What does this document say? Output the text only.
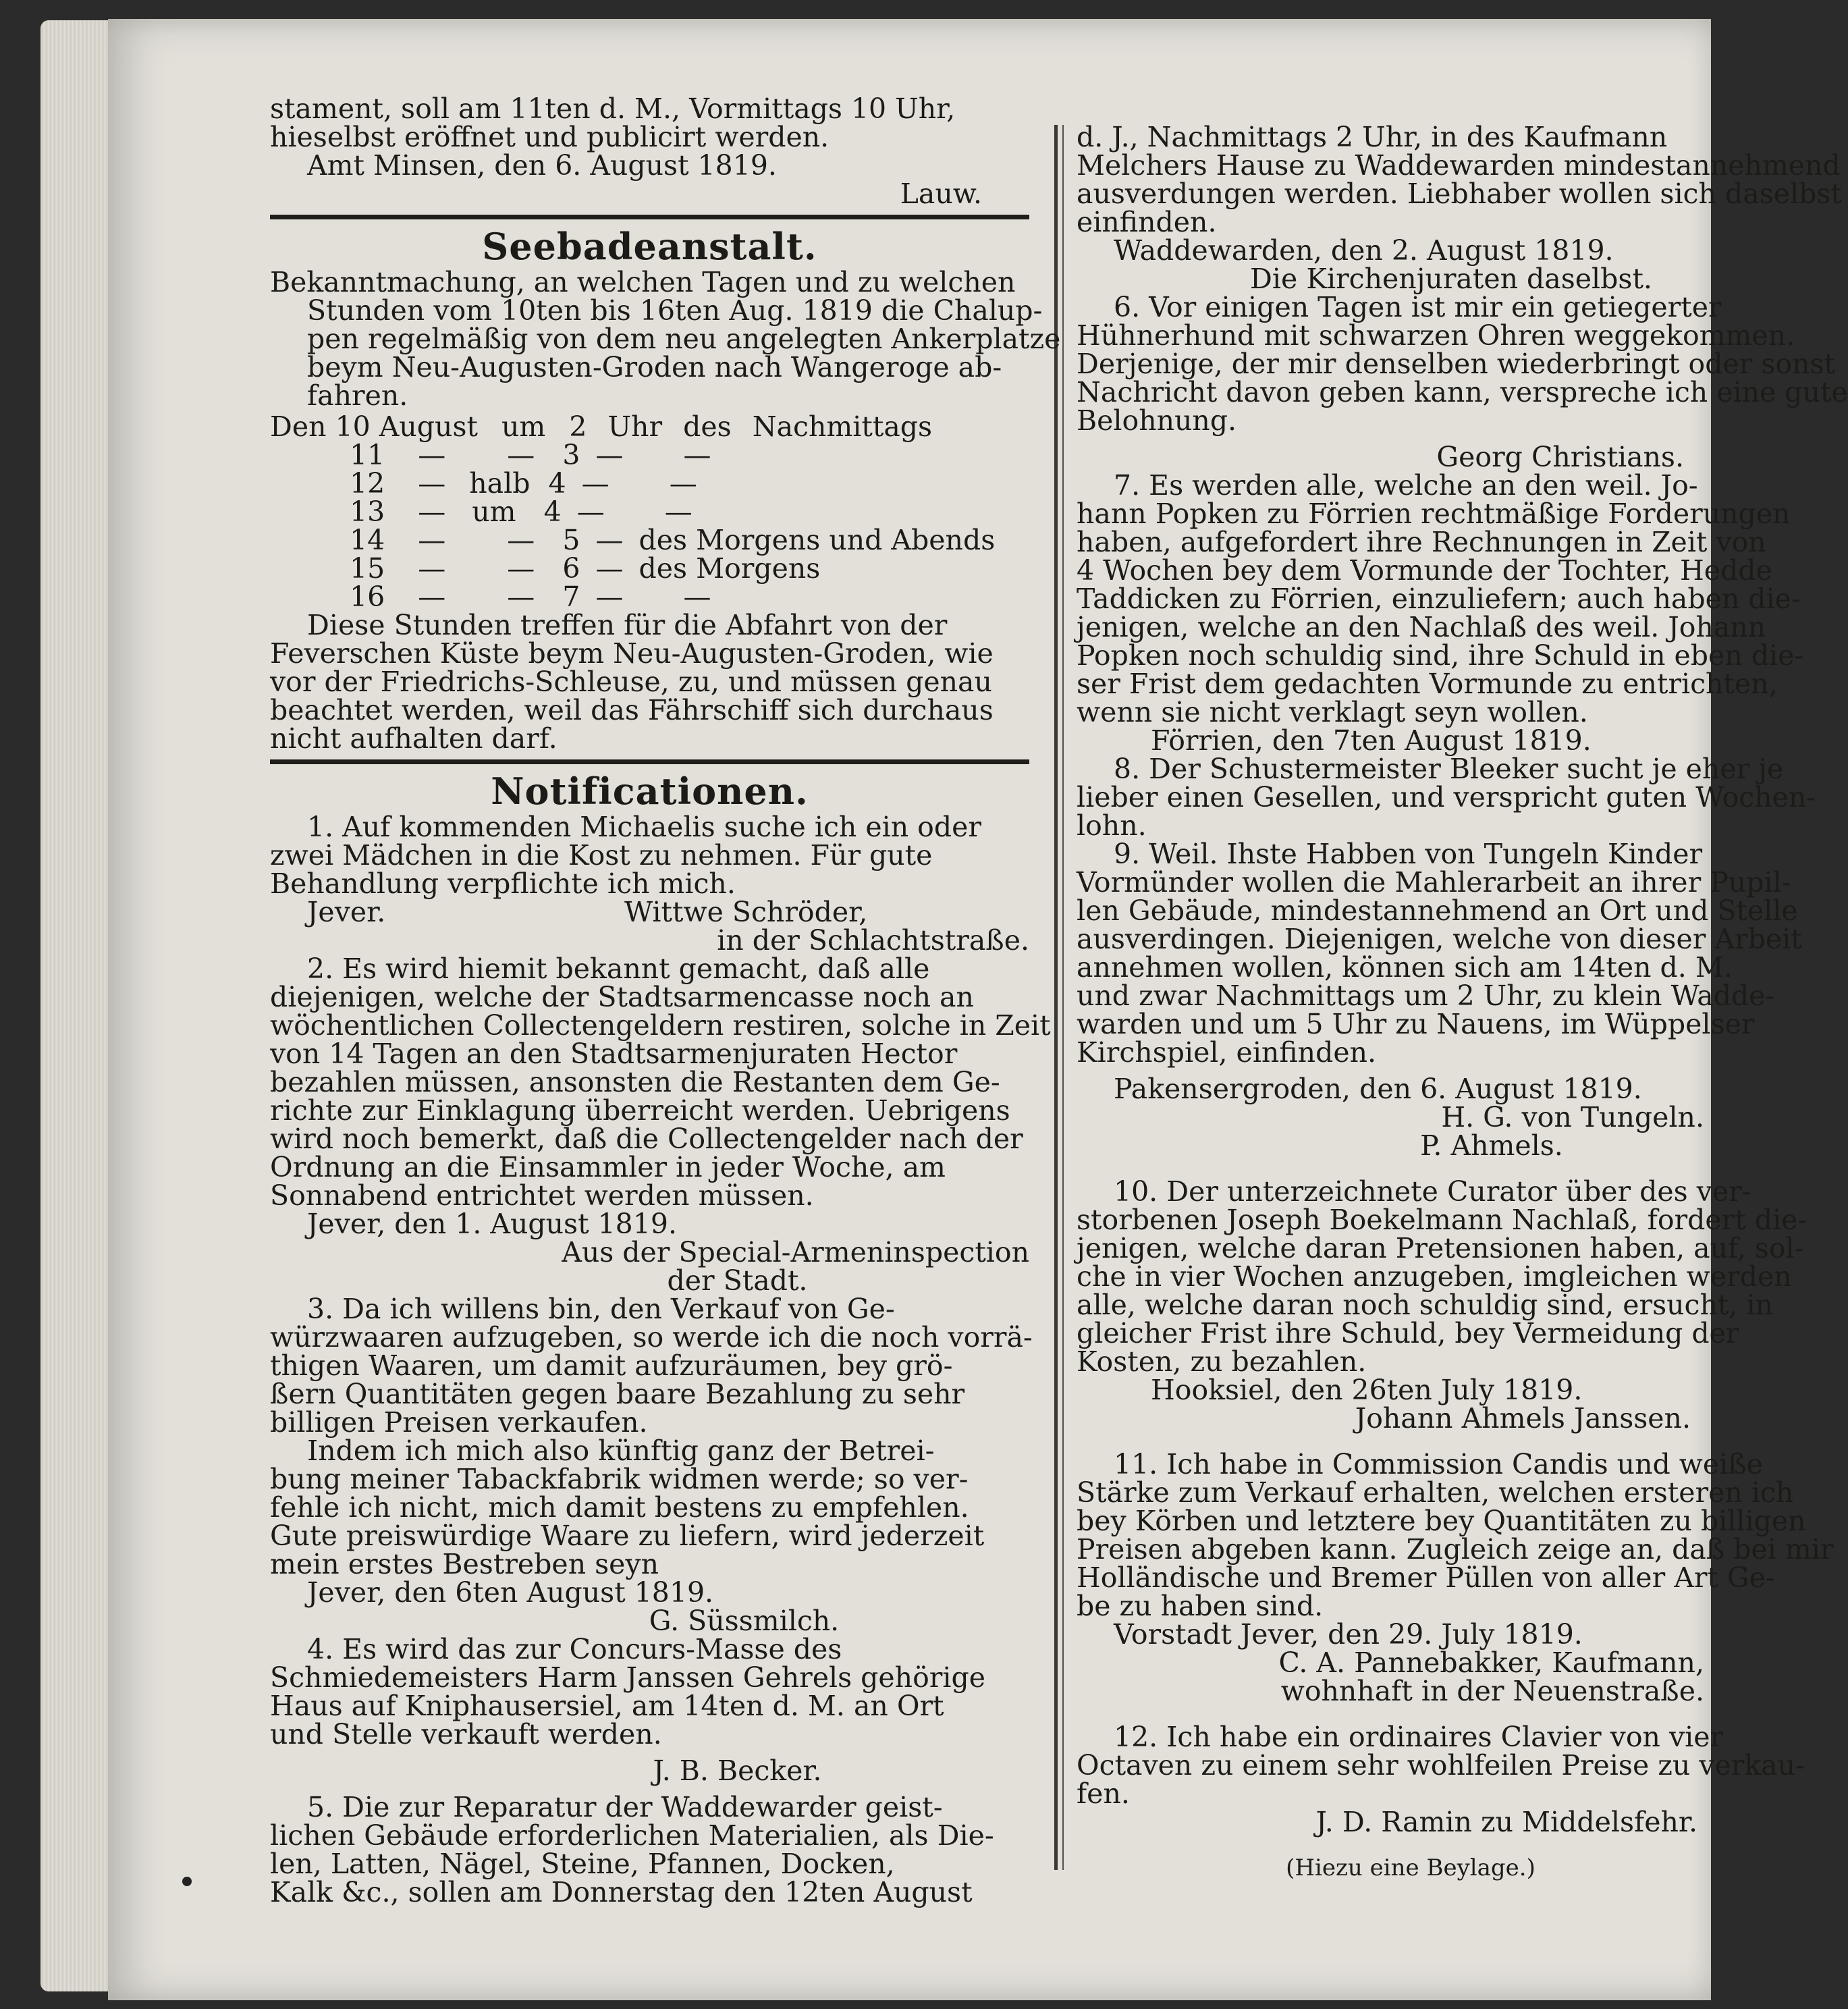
stament, soll am 11ten d. M., Vormittags 10 Uhr,

hieselbst eröffnet und publicirt werden.

Amt Minsen, den 6. August 1819.

Lauw.

Seebadeanstalt.

Bekanntmachung, an welchen Tagen und zu welchen

Stunden vom 10ten bis 16ten Aug. 1819 die Chalup-

pen regelmäßig von dem neu angelegten Ankerplatze

beym Neu-Augusten-Groden nach Wangeroge ab-

fahren.

Den 10 August um 2 Uhr des Nachmittags

11 — — 3 — —

12 — halb 4 — —

13 — um 4 — —

14 — — 5 — des Morgens und Abends

15 — — 6 — des Morgens

16 — — 7 — —

Diese Stunden treffen für die Abfahrt von der

Feverschen Küste beym Neu-Augusten-Groden, wie

vor der Friedrichs-Schleuse, zu, und müssen genau

beachtet werden, weil das Fährschiff sich durchaus

nicht aufhalten darf.

Notificationen.

1. Auf kommenden Michaelis suche ich ein oder

zwei Mädchen in die Kost zu nehmen. Für gute

Behandlung verpflichte ich mich.

Jever.	Wittwe Schröder,

in der Schlachtstraße.

2. Es wird hiemit bekannt gemacht, daß alle

diejenigen, welche der Stadtsarmencasse noch an

wöchentlichen Collectengeldern restiren, solche in Zeit

von 14 Tagen an den Stadtsarmenjuraten Hector

bezahlen müssen, ansonsten die Restanten dem Ge-

richte zur Einklagung überreicht werden. Uebrigens

wird noch bemerkt, daß die Collectengelder nach der

Ordnung an die Einsammler in jeder Woche, am

Sonnabend entrichtet werden müssen.

Jever, den 1. August 1819.

Aus der Special-Armeninspection

der Stadt.

3. Da ich willens bin, den Verkauf von Ge-

würzwaaren aufzugeben, so werde ich die noch vorrä-

thigen Waaren, um damit aufzuräumen, bey grö-

ßern Quantitäten gegen baare Bezahlung zu sehr

billigen Preisen verkaufen.

Indem ich mich also künftig ganz der Betrei-

bung meiner Tabackfabrik widmen werde; so ver-

fehle ich nicht, mich damit bestens zu empfehlen.

Gute preiswürdige Waare zu liefern, wird jederzeit

mein erstes Bestreben seyn

Jever, den 6ten August 1819.

G. Süssmilch.

4. Es wird das zur Concurs-Masse des

Schmiedemeisters Harm Janssen Gehrels gehörige

Haus auf Kniphausersiel, am 14ten d. M. an Ort

und Stelle verkauft werden.

J. B. Becker.

5. Die zur Reparatur der Waddewarder geist-

lichen Gebäude erforderlichen Materialien, als Die-

len, Latten, Nägel, Steine, Pfannen, Docken,

Kalk &c., sollen am Donnerstag den 12ten August

d. J., Nachmittags 2 Uhr, in des Kaufmann

Melchers Hause zu Waddewarden mindestannehmend

ausverdungen werden. Liebhaber wollen sich daselbst

einfinden.

Waddewarden, den 2. August 1819.

Die Kirchenjuraten daselbst.

6. Vor einigen Tagen ist mir ein getiegerter

Hühnerhund mit schwarzen Ohren weggekommen.

Derjenige, der mir denselben wiederbringt oder sonst

Nachricht davon geben kann, verspreche ich eine gute

Belohnung.

Georg Christians.

7. Es werden alle, welche an den weil. Jo-

hann Popken zu Förrien rechtmäßige Forderungen

haben, aufgefordert ihre Rechnungen in Zeit von

4 Wochen bey dem Vormunde der Tochter, Hedde

Taddicken zu Förrien, einzuliefern; auch haben die-

jenigen, welche an den Nachlaß des weil. Johann

Popken noch schuldig sind, ihre Schuld in eben die-

ser Frist dem gedachten Vormunde zu entrichten,

wenn sie nicht verklagt seyn wollen.

Förrien, den 7ten August 1819.

8. Der Schustermeister Bleeker sucht je eher je

lieber einen Gesellen, und verspricht guten Wochen-

lohn.

9. Weil. Ihste Habben von Tungeln Kinder

Vormünder wollen die Mahlerarbeit an ihrer Pupil-

len Gebäude, mindestannehmend an Ort und Stelle

ausverdingen. Diejenigen, welche von dieser Arbeit

annehmen wollen, können sich am 14ten d. M.

und zwar Nachmittags um 2 Uhr, zu klein Wadde-

warden und um 5 Uhr zu Nauens, im Wüppelser

Kirchspiel, einfinden.

Pakensergroden, den 6. August 1819.

H. G. von Tungeln.

P. Ahmels.

10. Der unterzeichnete Curator über des ver-

storbenen Joseph Boekelmann Nachlaß, fordert die-

jenigen, welche daran Pretensionen haben, auf, sol-

che in vier Wochen anzugeben, imgleichen werden

alle, welche daran noch schuldig sind, ersucht, in

gleicher Frist ihre Schuld, bey Vermeidung der

Kosten, zu bezahlen.

Hooksiel, den 26ten July 1819.

Johann Ahmels Janssen.

11. Ich habe in Commission Candis und weiße

Stärke zum Verkauf erhalten, welchen ersteren ich

bey Körben und letztere bey Quantitäten zu billigen

Preisen abgeben kann. Zugleich zeige an, daß bei mir

Holländische und Bremer Püllen von aller Art Ge-

be zu haben sind.

Vorstadt Jever, den 29. July 1819.

C. A. Pannebakker, Kaufmann,

wohnhaft in der Neuenstraße.

12. Ich habe ein ordinaires Clavier von vier

Octaven zu einem sehr wohlfeilen Preise zu verkau-

fen.

J. D. Ramin zu Middelsfehr.

(Hiezu eine Beylage.)
